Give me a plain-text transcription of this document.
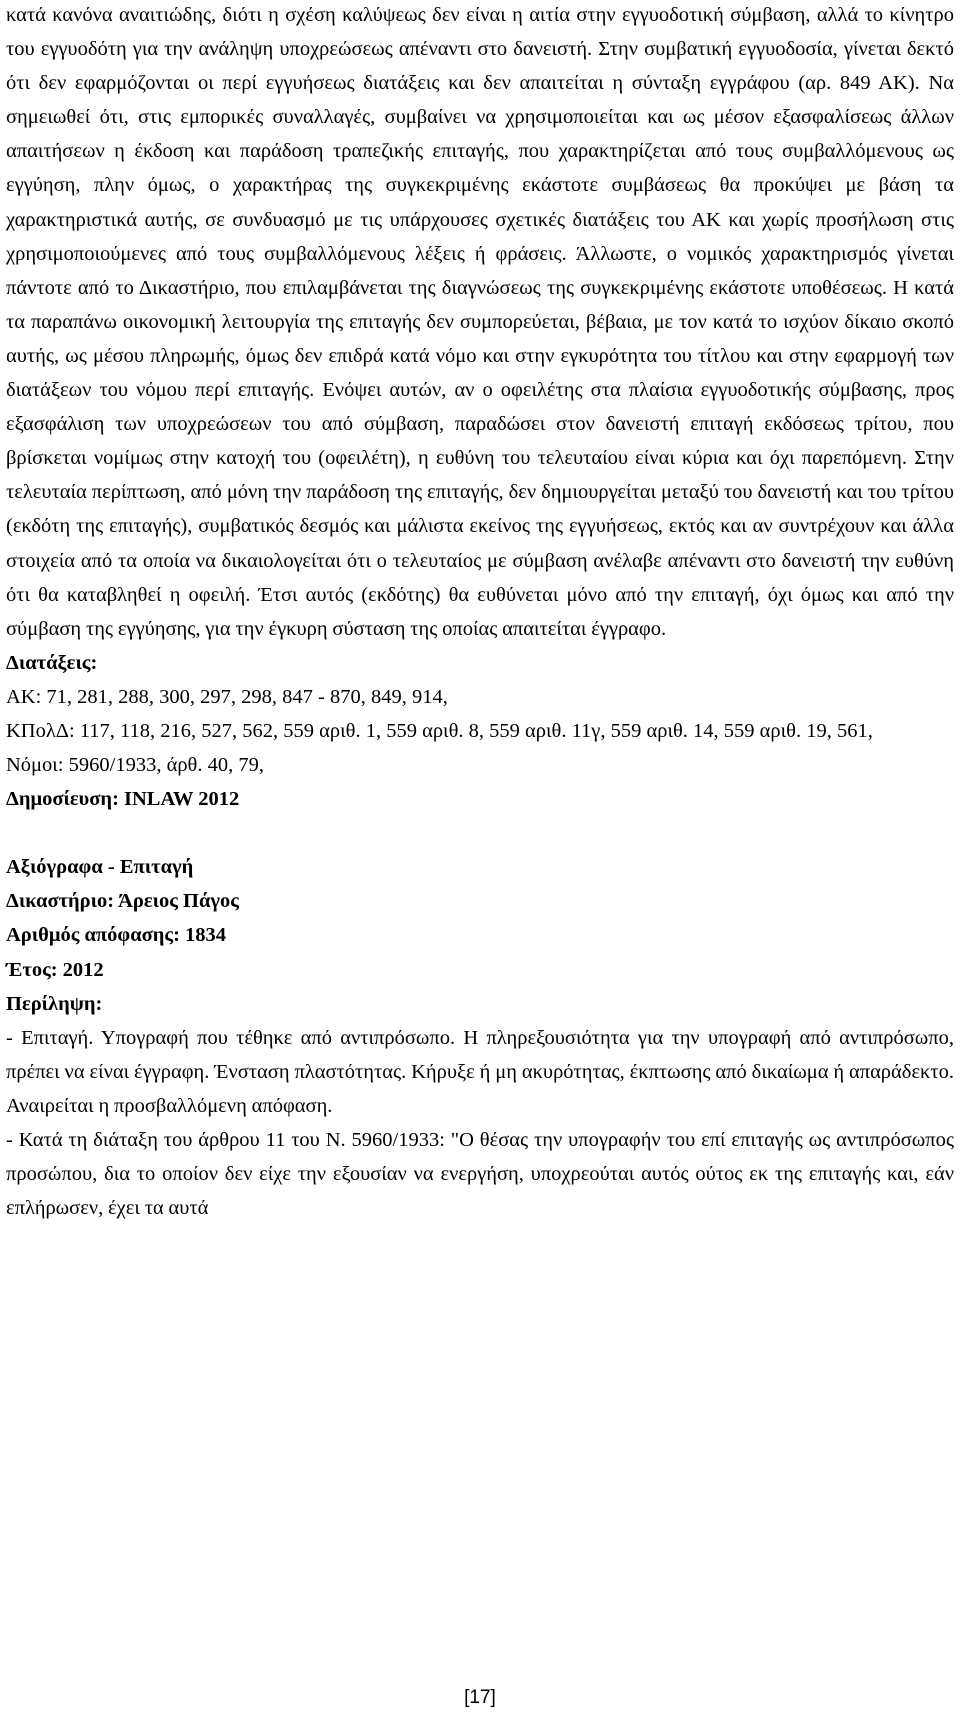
κατά κανόνα αναιτιώδης, διότι η σχέση καλύψεως δεν είναι η αιτία στην εγγυοδοτική σύμβαση, αλλά το κίνητρο του εγγυοδότη για την ανάληψη υποχρεώσεως απέναντι στο δανειστή. Στην συμβατική εγγυοδοσία, γίνεται δεκτό ότι δεν εφαρμόζονται οι περί εγγυήσεως διατάξεις και δεν απαιτείται η σύνταξη εγγράφου (αρ. 849 ΑΚ). Να σημειωθεί ότι, στις εμπορικές συναλλαγές, συμβαίνει να χρησιμοποιείται και ως μέσον εξασφαλίσεως άλλων απαιτήσεων η έκδοση και παράδοση τραπεζικής επιταγής, που χαρακτηρίζεται από τους συμβαλλόμενους ως εγγύηση, πλην όμως, ο χαρακτήρας της συγκεκριμένης εκάστοτε συμβάσεως θα προκύψει με βάση τα χαρακτηριστικά αυτής, σε συνδυασμό με τις υπάρχουσες σχετικές διατάξεις του ΑΚ και χωρίς προσήλωση στις χρησιμοποιούμενες από τους συμβαλλόμενους λέξεις ή φράσεις. Άλλωστε, ο νομικός χαρακτηρισμός γίνεται πάντοτε από το Δικαστήριο, που επιλαμβάνεται της διαγνώσεως της συγκεκριμένης εκάστοτε υποθέσεως. Η κατά τα παραπάνω οικονομική λειτουργία της επιταγής δεν συμπορεύεται, βέβαια, με τον κατά το ισχύον δίκαιο σκοπό αυτής, ως μέσου πληρωμής, όμως δεν επιδρά κατά νόμο και στην εγκυρότητα του τίτλου και στην εφαρμογή των διατάξεων του νόμου περί επιταγής. Ενόψει αυτών, αν ο οφειλέτης στα πλαίσια εγγυοδοτικής σύμβασης, προς εξασφάλιση των υποχρεώσεων του από σύμβαση, παραδώσει στον δανειστή επιταγή εκδόσεως τρίτου, που βρίσκεται νομίμως στην κατοχή του (οφειλέτη), η ευθύνη του τελευταίου είναι κύρια και όχι παρεπόμενη. Στην τελευταία περίπτωση, από μόνη την παράδοση της επιταγής, δεν δημιουργείται μεταξύ του δανειστή και του τρίτου (εκδότη της επιταγής), συμβατικός δεσμός και μάλιστα εκείνος της εγγυήσεως, εκτός και αν συντρέχουν και άλλα στοιχεία από τα οποία να δικαιολογείται ότι ο τελευταίος με σύμβαση ανέλαβε απέναντι στο δανειστή την ευθύνη ότι θα καταβληθεί η οφειλή. Έτσι αυτός (εκδότης) θα ευθύνεται μόνο από την επιταγή, όχι όμως και από την σύμβαση της εγγύησης, για την έγκυρη σύσταση της οποίας απαιτείται έγγραφο.

Διατάξεις:

ΑΚ: 71, 281, 288, 300, 297, 298, 847 - 870, 849, 914,

ΚΠολΔ: 117, 118, 216, 527, 562, 559 αριθ. 1, 559 αριθ. 8, 559 αριθ. 11γ, 559 αριθ. 14, 559 αριθ. 19, 561,

Νόμοι: 5960/1933, άρθ. 40, 79,

Δημοσίευση: INLAW 2012

Αξιόγραφα - Επιταγή

Δικαστήριο: Άρειος Πάγος

Αριθμός απόφασης: 1834

Έτος: 2012

Περίληψη:

- Επιταγή. Υπογραφή που τέθηκε από αντιπρόσωπο. Η πληρεξουσιότητα για την υπογραφή από αντιπρόσωπο, πρέπει να είναι έγγραφη. Ένσταση πλαστότητας. Κήρυξε ή μη ακυρότητας, έκπτωσης από δικαίωμα ή απαράδεκτο. Αναιρείται η προσβαλλόμενη απόφαση.

- Κατά τη διάταξη του άρθρου 11 του Ν. 5960/1933: "Ο θέσας την υπογραφήν του επί επιταγής ως αντιπρόσωπος προσώπου, δια το οποίον δεν είχε την εξουσίαν να ενεργήση, υποχρεούται αυτός ούτος εκ της επιταγής και, εάν επλήρωσεν, έχει τα αυτά

[17]
